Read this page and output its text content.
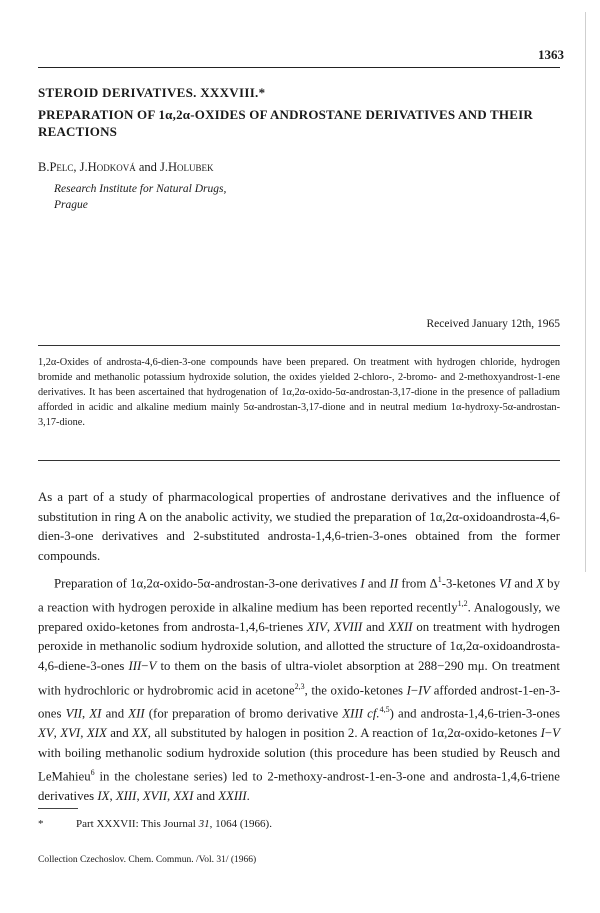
1363
STEROID DERIVATIVES. XXXVIII.*
PREPARATION OF 1α,2α-OXIDES OF ANDROSTANE DERIVATIVES AND THEIR REACTIONS
B.Pelc, J.Hodková and J.Holubek
Research Institute for Natural Drugs,
Prague
Received January 12th, 1965
1,2α-Oxides of androsta-4,6-dien-3-one compounds have been prepared. On treatment with hydrogen chloride, hydrogen bromide and methanolic potassium hydroxide solution, the oxides yielded 2-chloro-, 2-bromo- and 2-methoxyandrost-1-ene derivatives. It has been ascertained that hydrogenation of 1α,2α-oxido-5α-androstan-3,17-dione in the presence of palladium afforded in acidic and alkaline medium mainly 5α-androstan-3,17-dione and in neutral medium 1α-hydroxy-5α-androstan-3,17-dione.
As a part of a study of pharmacological properties of androstane derivatives and the influence of substitution in ring A on the anabolic activity, we studied the preparation of 1α,2α-oxidoandrosta-4,6-dien-3-one derivatives and 2-substituted androsta-1,4,6-trien-3-ones obtained from the former compounds.
Preparation of 1α,2α-oxido-5α-androstan-3-one derivatives I and II from $\Delta^1-3$-ketones VI and X by a reaction with hydrogen peroxide in alkaline medium has been reported recently$^{1,2}$. Analogously, we prepared oxido-ketones from androsta-1,4,6-trienes XIV, XVIII and XXII on treatment with hydrogen peroxide in methanolic sodium hydroxide solution, and allotted the structure of 1α,2α-oxidoandrosta-4,6-diene-3-ones III−V to them on the basis of ultra-violet absorption at 288−290 mμ. On treatment with hydrochloric or hydrobromic acid in acetone$^{2,3}$, the oxido-ketones I−IV afforded androst-1-en-3-ones VII, XI and XII (for preparation of bromo derivative XIII cf.$^{4,5}$) and androsta-1,4,6-trien-3-ones XV, XVI, XIX and XX, all substituted by halogen in position 2. A reaction of 1α,2α-oxido-ketones I−V with boiling methanolic sodium hydroxide solution (this procedure has been studied by Reusch and LeMahieu$^6$ in the cholestane series) led to 2-methoxy-androst-1-en-3-one and androsta-1,4,6-triene derivatives IX, XIII, XVII, XXI and XXIII.
*	Part XXXVII: This Journal 31, 1064 (1966).
Collection Czechoslov. Chem. Commun. /Vol. 31/ (1966)
